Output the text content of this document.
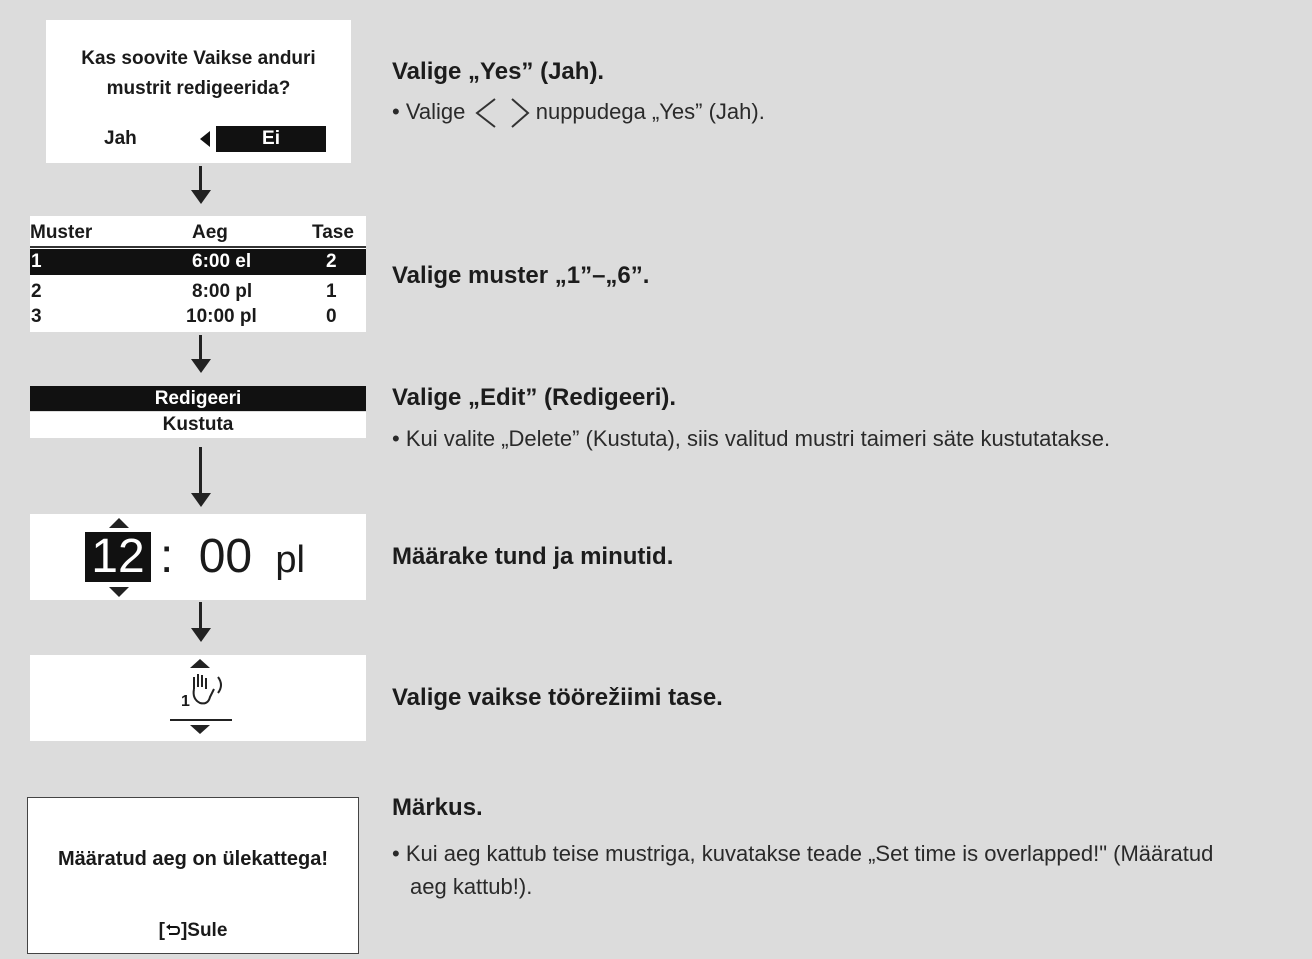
Kas soovite Vaikse anduri
mustrit redigeerida?
Jah	Ei
Muster	Aeg	Tase
1	6:00 el	2
2	8:00 pl	1
3	10:00 pl	0
Redigeeri
Kustuta
12 : 00 pl
1
Määratud aeg on ülekattega!
[ ]Sule
Valige „Yes” (Jah).
• Valige	nuppudega „Yes” (Jah).
Valige muster „1”–„6”.
Valige „Edit” (Redigeeri).
• Kui valite „Delete” (Kustuta), siis valitud mustri taimeri säte kustutatakse.
Määrake tund ja minutid.
Valige vaikse töörežiimi tase.
Märkus.
• Kui aeg kattub teise mustriga, kuvatakse teade „Set time is overlapped!" (Määratud
aeg kattub!).
